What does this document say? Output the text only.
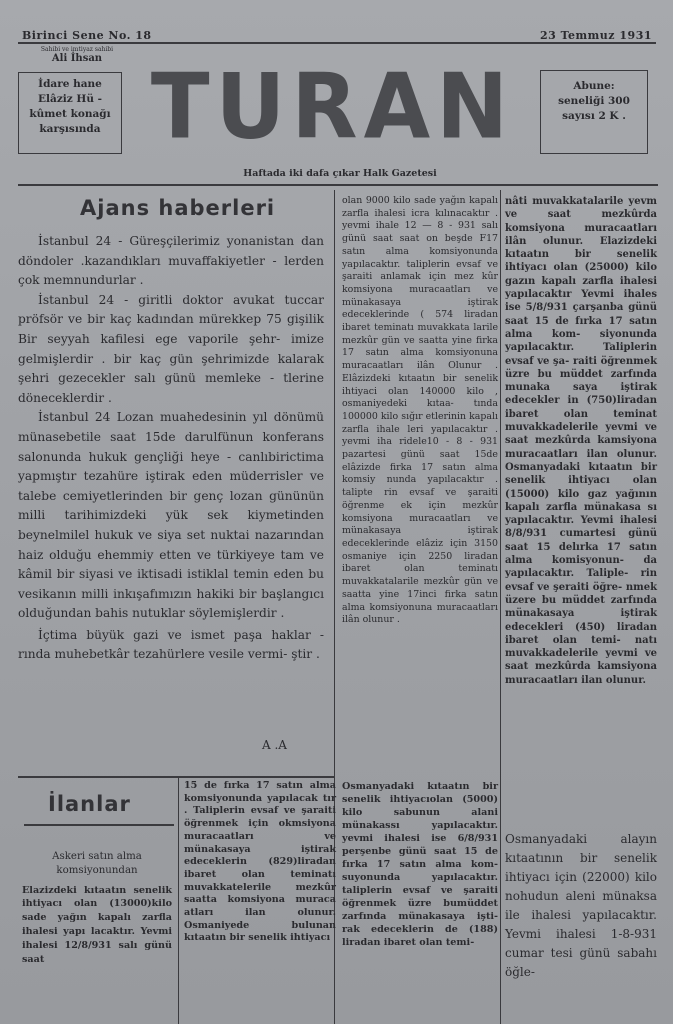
Birinci Sene No. 18	23 Temmuz 1931
Sahibi ve imtiyaz sahibi
Ali İhsan
İdare hane
Elâziz Hü -
kûmet konağı
karşısında TURAN	Abune:
seneliği 300
sayısı 2 K .
Haftada iki dafa çıkar Halk Gazetesi
Ajans haberleri

İstanbul 24 - Güreşçilerimiz yonanistan dan döndoler .kazandıkları muvaffakiyetler - lerden çok memnundurlar .

İstanbul 24 - giritli doktor avukat tuccar pröfsör ve bir kaç kadından mürekkep 75 gişilik Bir seyyah kafilesi ege vaporile şehr- imize gelmişlerdir . bir kaç gün şehrimizde kalarak şehri gezecekler salı günü memleke - tlerine döneceklerdir .

İstanbul 24 Lozan muahedesinin yıl dönümü münasebetile saat 15de darulfünun konferans salonunda hukuk gençliği heye - canlıbirictima yapmıştır tezahüre iştirak eden müderrisler ve talebe cemiyetlerinden bir genç lozan gününün milli tarihimizdeki yük sek kiymetinden beynelmilel hukuk ve siya set nuktai nazarından haiz olduğu ehemmiy etten ve türkiyeye tam ve kâmil bir siyasi ve iktisadi istiklal temin eden bu vesikanın milli inkışafımızın hakiki bir başlangıcı olduğundan bahis nutuklar söylemişlerdir .

İçtima büyük gazi ve ismet paşa haklar - rında muhebetkâr tezahürlere vesile vermi- ştir .

A .A
olan 9000 kilo sade yağın kapalı zarfla ihalesi icra kılınacaktır . yevmi ihale 12 — 8 - 931 salı günü saat saat on beşde F17 satın alma komsiyonunda yapılacaktır. taliplerin evsaf ve şaraiti anlamak için mez kûr komsiyona muracaatları ve münakasaya iştirak edeceklerinde ( 574 liradan ibaret teminatı muvakkata larile mezkûr gün ve saatta yine firka 17 satın alma komsiyonuna muracaatları ilân Olunur . Elâzizdeki kıtaatın bir senelik ihtiyaci olan 140000 kilo , osmaniyedeki kıtaa- tında 100000 kilo sığır etlerinin kapalı zarfla ihale leri yapılacaktır . yevmi iha ridele10 - 8 - 931 pazartesi günü saat 15de elâzizde firka 17 satın alma komsiy nunda yapılacaktır . talipte rin evsaf ve şaraiti öğrenme ek için mezkûr komsiyona muracaatları ve münakasaya iştirak edeceklerinde elâziz için 3150 osmaniye için 2250 liradan ibaret olan teminatı muvakkatalarile mezkûr gün ve saatta yine 17inci firka satın alma komsiyonuna muracaatları ilân olunur .
nâti muvakkatalarile yevm ve saat mezkûrda komsiyona muracaatları ilân olunur. Elazizdeki kıtaatın bir senelik ihtiyacı olan (25000) kilo gazın kapalı zarfla ihalesi yapılacaktır Yevmi ihales ise 5/8/931 çarşanba günü saat 15 de fırka 17 satın alma kom- siyonunda yapılacaktır. Taliplerin evsaf ve şa- raiti öğrenmek üzre bu müddet zarfında munaka saya iştirak edecekler in (750)liradan ibaret olan teminat muvakkadelerile yevmi ve saat mezkûrda kamsiyona muracaatları ilan olunur. Osmanyadaki kıtaatın bir senelik ihtiyacı olan (15000) kilo gaz yağının kapalı zarfla münakasa sı yapılacaktır. Yevmi ihalesi 8/8/931 cumartesi günü saat 15 delırka 17 satın alma komisyonun- da yapılacaktır. Taliple- rin evsaf ve şeraiti öğre- nmek üzere bu müddet zarfında münakasaya iştirak edecekleri (450) liradan ibaret olan temi- natı muvakkadelerile yevmi ve saat mezkûrda kamsiyona muracaatları ilan olunur.
İlanlar
Askeri satın alma komsiyonundan
Elazizdeki kıtaatın senelik ihtiyacı olan (13000)kilo sade yağın kapalı zarfla ihalesi yapı lacaktır. Yevmi ihalesi 12/8/931 salı günü saat
15 de fırka 17 satın alma komsiyonunda yapılacak tır . Taliplerin evsaf ve şaraiti öğrenmek için okmsiyona muracaatları ve münakasaya iştirak edeceklerin (829)liradan ibaret olan teminatı muvakkatelerile mezkûr saatta komsiyona muraca atları ilan olunur. Osmaniyede bulunan kıtaatın bir senelik ihtiyacı
Osmanyadaki kıtaatın bir senelik ihtiyacıolan (5000) kilo sabunun alani münakassı yapılacaktır. yevmi ihalesi ise 6/8/931 perşenbe günü saat 15 de fırka 17 satın alma kom- suyonunda yapılacaktır. taliplerin evsaf ve şaraiti öğrenmek üzre bumüddet zarfında münakasaya işti- rak edeceklerin de (188) liradan ibaret olan temi-
Osmanyadaki alayın kıtaatının bir senelik ihtiyacı için (22000) kilo nohudun aleni münaksa ile ihalesi yapılacaktır. Yevmi ihalesi 1-8-931 cumar tesi günü sabahı öğle-
